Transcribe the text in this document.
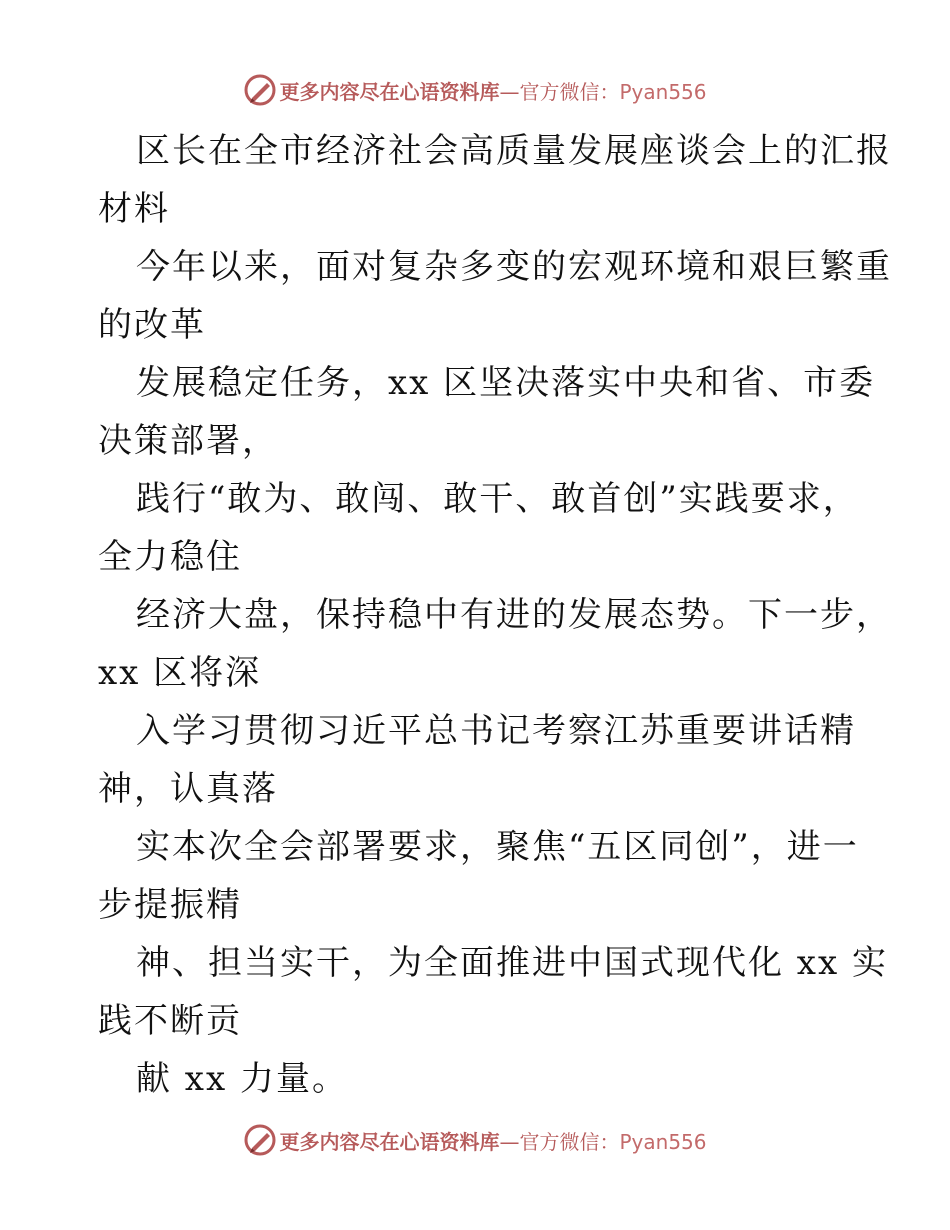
更多内容尽在心语资料库—官方微信：Pyan556

区长在全市经济社会高质量发展座谈会上的汇报
材料
今年以来，面对复杂多变的宏观环境和艰巨繁重
的改革
发展稳定任务，xx 区坚决落实中央和省、市委
决策部署，
践行“敢为、敢闯、敢干、敢首创”实践要求，
全力稳住
经济大盘，保持稳中有进的发展态势。下一步，
xx 区将深
入学习贯彻习近平总书记考察江苏重要讲话精
神，认真落
实本次全会部署要求，聚焦“五区同创”，进一
步提振精
神、担当实干，为全面推进中国式现代化 xx 实
践不断贡
献 xx 力量。

更多内容尽在心语资料库—官方微信：Pyan556
